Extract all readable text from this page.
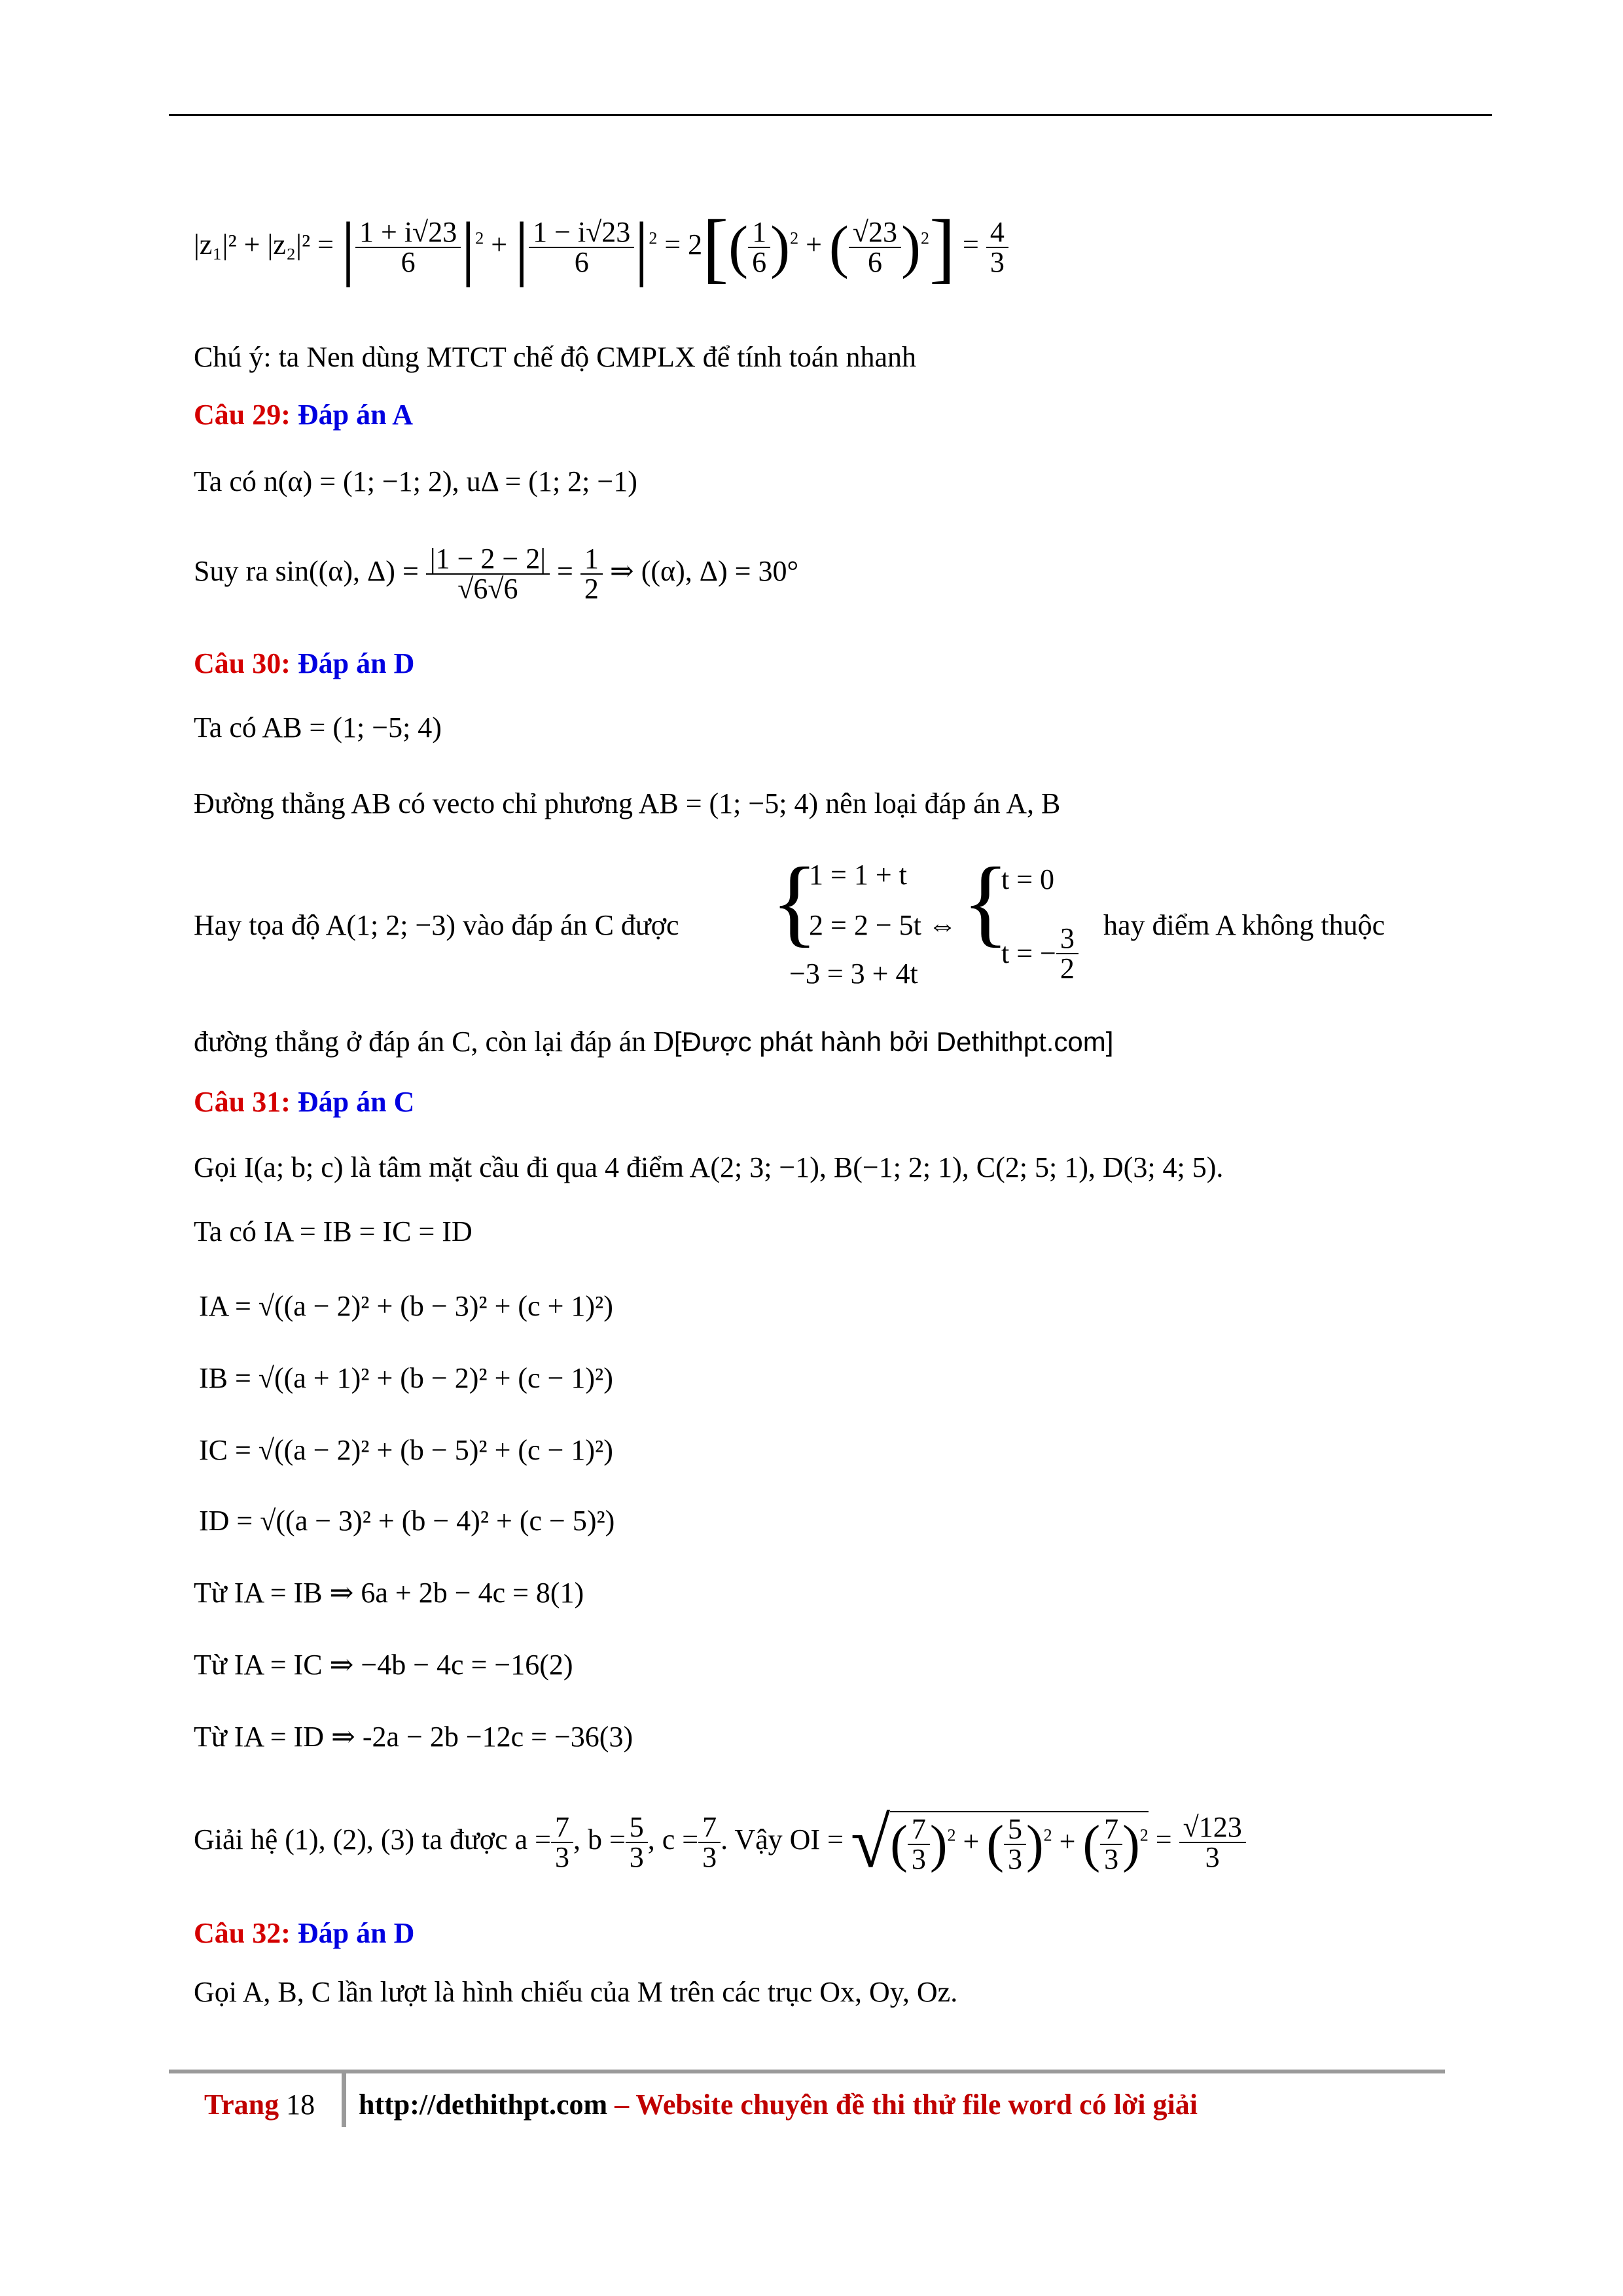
|z₁|² + |z₂|² = | $\frac{1 + i√23}{6} |^2$ + | $\frac{1 - i√23}{6} |^2 = 2[( \frac{1}{6} )^2$ + ( $\frac{√23}{6} )^2] = \frac{4}{3}$
Chú ý: ta Nen dùng MTCT chế độ CMPLX để tính toán nhanh
Câu 29: Đáp án A
Ta có n(α) = (1; −1; 2), uΔ = (1; 2; −1)
Suy ra sin((α), $\Delta) = \frac{|1 - 2 - 2|}{√6√6} = \frac{1}{2}$ ⇒ ((α), Δ) = 30°
Câu 30: Đáp án D
Ta có AB = (1; −5; 4)
Đường thẳng AB có vecto chỉ phương AB = (1; −5; 4) nên loại đáp án A, B
Hay tọa độ A(1; 2; −3) vào đáp án C được {
1 = 1 + t
2 = 2 − 5t
−3 = 3 + 4t
⇔ {
t = 0
t = − $\frac{3}{2}$ hay điểm A không thuộc
đường thẳng ở đáp án C, còn lại đáp án D[Được phát hành bởi Dethithpt.com]
Câu 31: Đáp án C
Gọi I(a; b; c) là tâm mặt cầu đi qua 4 điểm A(2; 3; −1), B(−1; 2; 1), C(2; 5; 1), D(3; 4; 5).
Ta có IA = IB = IC = ID
IA = √((a − 2)² + (b − 3)² + (c + 1)²)
IB = √((a + 1)² + (b − 2)² + (c − 1)²)
IC = √((a − 2)² + (b − 5)² + (c − 1)²)
ID = √((a − 3)² + (b − 4)² + (c − 5)²)
Từ IA = IB ⇒ 6a + 2b − 4c = 8(1)
Từ IA = IC ⇒ −4b − 4c = −16(2)
Từ IA = ID ⇒ -2a − 2b −12c = −36(3)
Giải hệ (1), (2), (3) ta được $a = \frac{7}{3}$ , $b = \frac{5}{3}$ , $c = \frac{7}{3}$ . Vậy OI = √( $\frac{7}{3} )^2$ + ( $\frac{5}{3} )^2$ + ( $\frac{7}{3} )^2 = \frac{√123}{3}$
Câu 32: Đáp án D
Gọi A, B, C lần lượt là hình chiếu của M trên các trục Ox, Oy, Oz.
Trang 18 http://dethithpt.com – Website chuyên đề thi thử file word có lời giải
